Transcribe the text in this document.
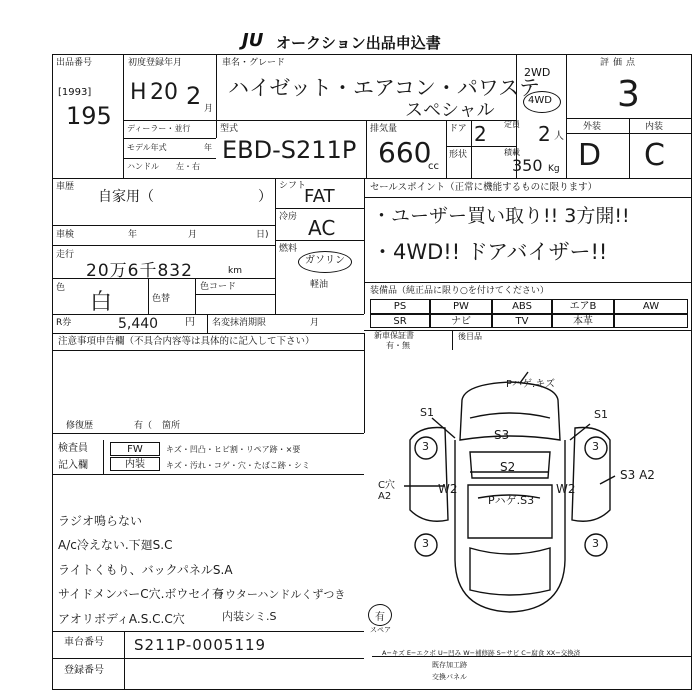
JU オークション出品申込書
出品番号
[1993]
195
初度登録年月
H 20 2 月
車名・グレード
ハイゼット・エアコン・パワステ
スペシャル
2WD
4WD
評価点
3
外装	内装
D C
ディーラー・並行
モデル年式	年
ハンドル 左・右
型式
EBD-S211P
排気量
660
cc
ドア 2
形状
定員 2 人
積載
350 Kg
車歴
自家用（	）
車検	年	月	日)
走行
20万6千832	km
シフト
FAT
冷房 AC
燃料
ガソリン
軽油
色
白	色替
色コード
セールスポイント（正常に機能するものに限ります）
・ユーザー買い取り!! 3方開!!
・4WD!! ドアバイザー!!
装備品（純正品に限り○を付けてください）
PS	PW	ABS	エアB	AW
SR	ナビ	TV	本革
新車保証書
有・無
後目品
R券	5,440	円 名変抹消期限	月
注意事項申告欄（不具合内容等は具体的に記入して下さい）
修復歴	有（ 箇所
検査員
記入欄
FW
内装
キズ・凹凸・ヒビ割・リペア跡・×要
キズ・汚れ・コゲ・穴・たばこ跡・シミ
ラジオ鳴らない
A/c冷えない.下廻S.C
ライトくもり、バックパネルS.A
サイドメンバーC穴.ボウセイ有
アオリボディA.S.C.C穴
ラウターハンドルくずつき
内装シミ.S
Pハゲ.キズ
S3
S2
S1	S1
W2	W2
C穴 A2
S3 A2
Pハゲ.S3
3	3
3	3
有
スペア
車台番号 S211P-0005119
登録番号
A−キズ E−エクボ U−凹み W−補修跡 S−サビ C−腐食 XX−交換済
既存加工跡
交換パネル
